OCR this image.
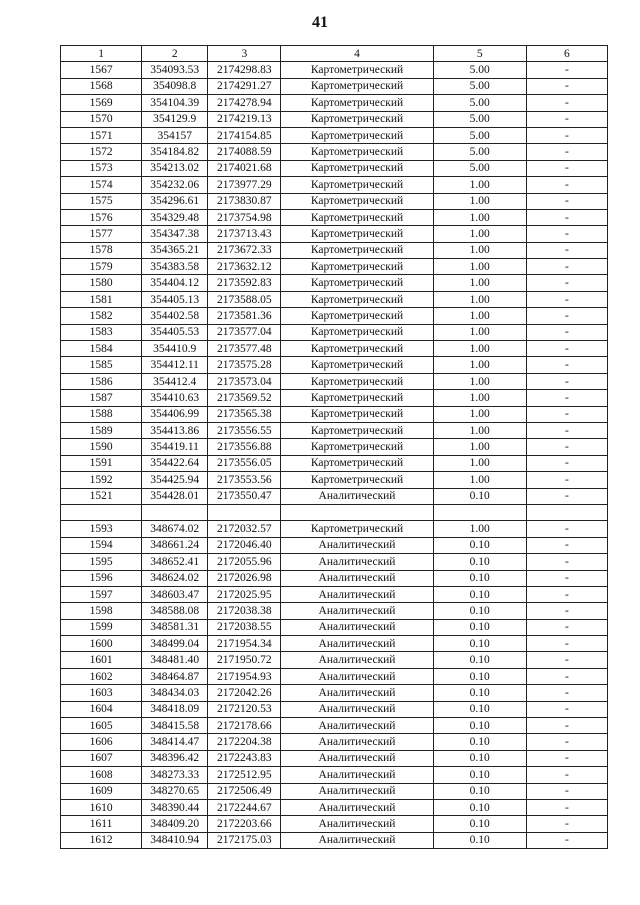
41
1	2	3	4	5	6
1567	354093.53	2174298.83	Картометрический	5.00	-
1568	354098.8	2174291.27	Картометрический	5.00	-
1569	354104.39	2174278.94	Картометрический	5.00	-
1570	354129.9	2174219.13	Картометрический	5.00	-
1571	354157	2174154.85	Картометрический	5.00	-
1572	354184.82	2174088.59	Картометрический	5.00	-
1573	354213.02	2174021.68	Картометрический	5.00	-
1574	354232.06	2173977.29	Картометрический	1.00	-
1575	354296.61	2173830.87	Картометрический	1.00	-
1576	354329.48	2173754.98	Картометрический	1.00	-
1577	354347.38	2173713.43	Картометрический	1.00	-
1578	354365.21	2173672.33	Картометрический	1.00	-
1579	354383.58	2173632.12	Картометрический	1.00	-
1580	354404.12	2173592.83	Картометрический	1.00	-
1581	354405.13	2173588.05	Картометрический	1.00	-
1582	354402.58	2173581.36	Картометрический	1.00	-
1583	354405.53	2173577.04	Картометрический	1.00	-
1584	354410.9	2173577.48	Картометрический	1.00	-
1585	354412.11	2173575.28	Картометрический	1.00	-
1586	354412.4	2173573.04	Картометрический	1.00	-
1587	354410.63	2173569.52	Картометрический	1.00	-
1588	354406.99	2173565.38	Картометрический	1.00	-
1589	354413.86	2173556.55	Картометрический	1.00	-
1590	354419.11	2173556.88	Картометрический	1.00	-
1591	354422.64	2173556.05	Картометрический	1.00	-
1592	354425.94	2173553.56	Картометрический	1.00	-
1521	354428.01	2173550.47	Аналитический	0.10	-

1593	348674.02	2172032.57	Картометрический	1.00	-
1594	348661.24	2172046.40	Аналитический	0.10	-
1595	348652.41	2172055.96	Аналитический	0.10	-
1596	348624.02	2172026.98	Аналитический	0.10	-
1597	348603.47	2172025.95	Аналитический	0.10	-
1598	348588.08	2172038.38	Аналитический	0.10	-
1599	348581.31	2172038.55	Аналитический	0.10	-
1600	348499.04	2171954.34	Аналитический	0.10	-
1601	348481.40	2171950.72	Аналитический	0.10	-
1602	348464.87	2171954.93	Аналитический	0.10	-
1603	348434.03	2172042.26	Аналитический	0.10	-
1604	348418.09	2172120.53	Аналитический	0.10	-
1605	348415.58	2172178.66	Аналитический	0.10	-
1606	348414.47	2172204.38	Аналитический	0.10	-
1607	348396.42	2172243.83	Аналитический	0.10	-
1608	348273.33	2172512.95	Аналитический	0.10	-
1609	348270.65	2172506.49	Аналитический	0.10	-
1610	348390.44	2172244.67	Аналитический	0.10	-
1611	348409.20	2172203.66	Аналитический	0.10	-
1612	348410.94	2172175.03	Аналитический	0.10	-
